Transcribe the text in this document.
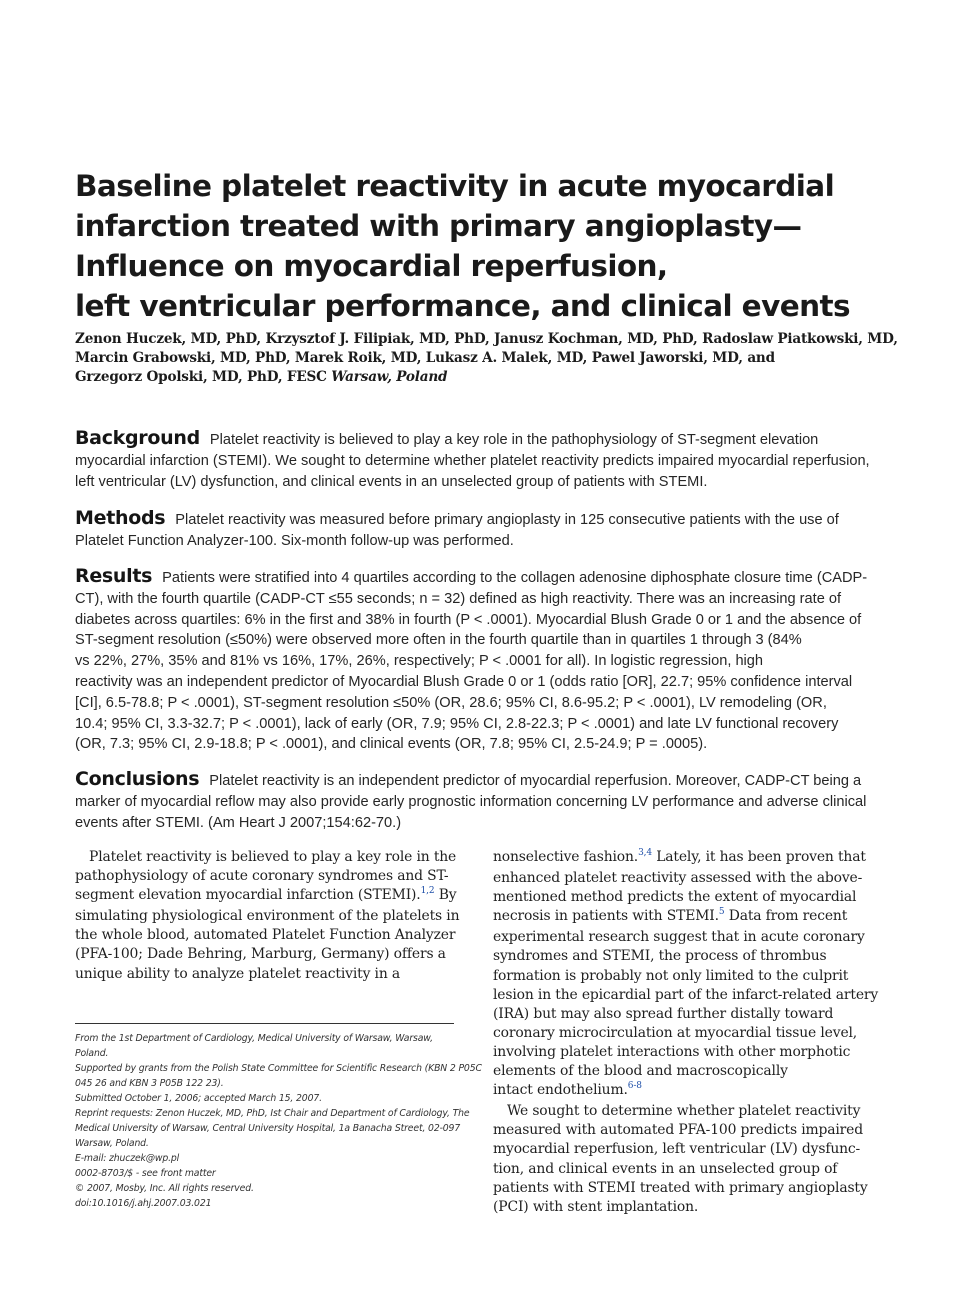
Baseline platelet reactivity in acute myocardial
infarction treated with primary angioplasty—
Influence on myocardial reperfusion,
left ventricular performance, and clinical events
Zenon Huczek, MD, PhD, Krzysztof J. Filipiak, MD, PhD, Janusz Kochman, MD, PhD, Radoslaw Piatkowski, MD,
Marcin Grabowski, MD, PhD, Marek Roik, MD, Lukasz A. Malek, MD, Pawel Jaworski, MD, and
Grzegorz Opolski, MD, PhD, FESC Warsaw, Poland
Background Platelet reactivity is believed to play a key role in the pathophysiology of ST-segment elevation
myocardial infarction (STEMI). We sought to determine whether platelet reactivity predicts impaired myocardial reperfusion,
left ventricular (LV) dysfunction, and clinical events in an unselected group of patients with STEMI.
Methods Platelet reactivity was measured before primary angioplasty in 125 consecutive patients with the use of
Platelet Function Analyzer-100. Six-month follow-up was performed.
Results Patients were stratified into 4 quartiles according to the collagen adenosine diphosphate closure time (CADP-
CT), with the fourth quartile (CADP-CT ≤55 seconds; n = 32) defined as high reactivity. There was an increasing rate of
diabetes across quartiles: 6% in the first and 38% in fourth (P < .0001). Myocardial Blush Grade 0 or 1 and the absence of
ST-segment resolution (≤50%) were observed more often in the fourth quartile than in quartiles 1 through 3 (84%
vs 22%, 27%, 35% and 81% vs 16%, 17%, 26%, respectively; P < .0001 for all). In logistic regression, high
reactivity was an independent predictor of Myocardial Blush Grade 0 or 1 (odds ratio [OR], 22.7; 95% confidence interval
[CI], 6.5-78.8; P < .0001), ST-segment resolution ≤50% (OR, 28.6; 95% CI, 8.6-95.2; P < .0001), LV remodeling (OR,
10.4; 95% CI, 3.3-32.7; P < .0001), lack of early (OR, 7.9; 95% CI, 2.8-22.3; P < .0001) and late LV functional recovery
(OR, 7.3; 95% CI, 2.9-18.8; P < .0001), and clinical events (OR, 7.8; 95% CI, 2.5-24.9; P = .0005).
Conclusions Platelet reactivity is an independent predictor of myocardial reperfusion. Moreover, CADP-CT being a
marker of myocardial reflow may also provide early prognostic information concerning LV performance and adverse clinical
events after STEMI. (Am Heart J 2007;154:62-70.)
Platelet reactivity is believed to play a key role in the
pathophysiology of acute coronary syndromes and ST-
segment elevation myocardial infarction (STEMI).$^{1,2}$ By
simulating physiological environment of the platelets in
the whole blood, automated Platelet Function Analyzer
(PFA-100; Dade Behring, Marburg, Germany) offers a
unique ability to analyze platelet reactivity in a
From the 1st Department of Cardiology, Medical University of Warsaw, Warsaw,
Poland.
Supported by grants from the Polish State Committee for Scientific Research (KBN 2 P05C
045 26 and KBN 3 P05B 122 23).
Submitted October 1, 2006; accepted March 15, 2007.
Reprint requests: Zenon Huczek, MD, PhD, Ist Chair and Department of Cardiology, The
Medical University of Warsaw, Central University Hospital, 1a Banacha Street, 02-097
Warsaw, Poland.
E-mail: zhuczek@wp.pl
0002-8703/$ - see front matter
© 2007, Mosby, Inc. All rights reserved.
doi:10.1016/j.ahj.2007.03.021
nonselective fashion.$^{3,4}$ Lately, it has been proven that
enhanced platelet reactivity assessed with the above-
mentioned method predicts the extent of myocardial
necrosis in patients with STEMI.$^5$ Data from recent
experimental research suggest that in acute coronary
syndromes and STEMI, the process of thrombus
formation is probably not only limited to the culprit
lesion in the epicardial part of the infarct-related artery
(IRA) but may also spread further distally toward
coronary microcirculation at myocardial tissue level,
involving platelet interactions with other morphotic
elements of the blood and macroscopically
intact endothelium.$^{6-8}$
We sought to determine whether platelet reactivity
measured with automated PFA-100 predicts impaired
myocardial reperfusion, left ventricular (LV) dysfunc-
tion, and clinical events in an unselected group of
patients with STEMI treated with primary angioplasty
(PCI) with stent implantation.
